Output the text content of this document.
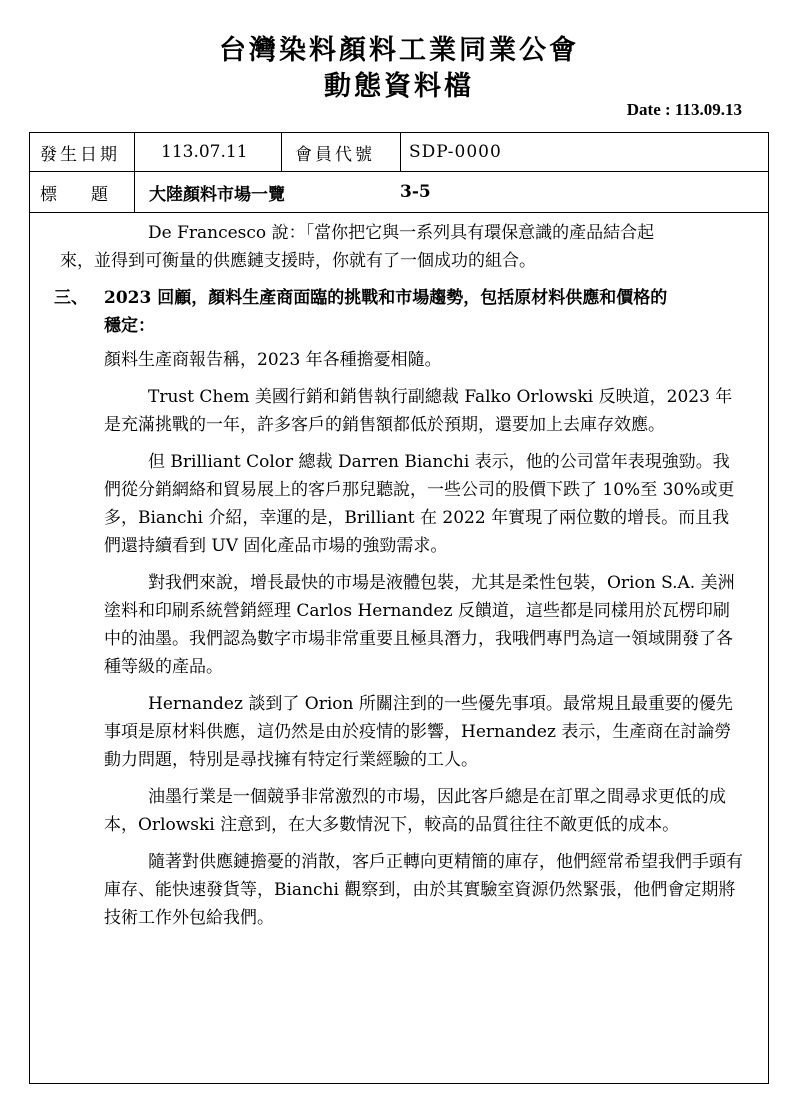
台灣染料顏料工業同業公會
動態資料檔
Date : 113.09.13
發生日期	113.07.11	會員代號	SDP-0000
標　　題	大陸顏料市場一覽	3-5

De Francesco 說：「當你把它與一系列具有環保意識的產品結合起
來，並得到可衡量的供應鏈支援時，你就有了一個成功的組合。

三、 2023 回顧，顏料生產商面臨的挑戰和市場趨勢，包括原材料供應和價格的
穩定：

顏料生產商報告稱，2023 年各種擔憂相隨。

Trust Chem 美國行銷和銷售執行副總裁 Falko Orlowski 反映道，2023 年是充滿挑戰的一年，許多客戶的銷售額都低於預期，還要加上去庫存效應。

但 Brilliant Color 總裁 Darren Bianchi 表示，他的公司當年表現強勁。我們從分銷網絡和貿易展上的客戶那兒聽說，一些公司的股價下跌了 10%至 30%或更多，Bianchi 介紹，幸運的是，Brilliant 在 2022 年實現了兩位數的增長。而且我們還持續看到 UV 固化產品市場的強勁需求。

對我們來說，增長最快的市場是液體包裝，尤其是柔性包裝，Orion S.A. 美洲塗料和印刷系統營銷經理 Carlos Hernandez 反饋道，這些都是同樣用於瓦楞印刷中的油墨。我們認為數字市場非常重要且極具潛力，我哦們專門為這一領域開發了各種等級的產品。

Hernandez 談到了 Orion 所關注到的一些優先事項。最常規且最重要的優先事項是原材料供應，這仍然是由於疫情的影響，Hernandez 表示，生產商在討論勞動力問題，特別是尋找擁有特定行業經驗的工人。

油墨行業是一個競爭非常激烈的市場，因此客戶總是在訂單之間尋求更低的成本，Orlowski 注意到，在大多數情況下，較高的品質往往不敵更低的成本。

隨著對供應鏈擔憂的消散，客戶正轉向更精簡的庫存，他們經常希望我們手頭有庫存、能快速發貨等，Bianchi 觀察到，由於其實驗室資源仍然緊張，他們會定期將技術工作外包給我們。
